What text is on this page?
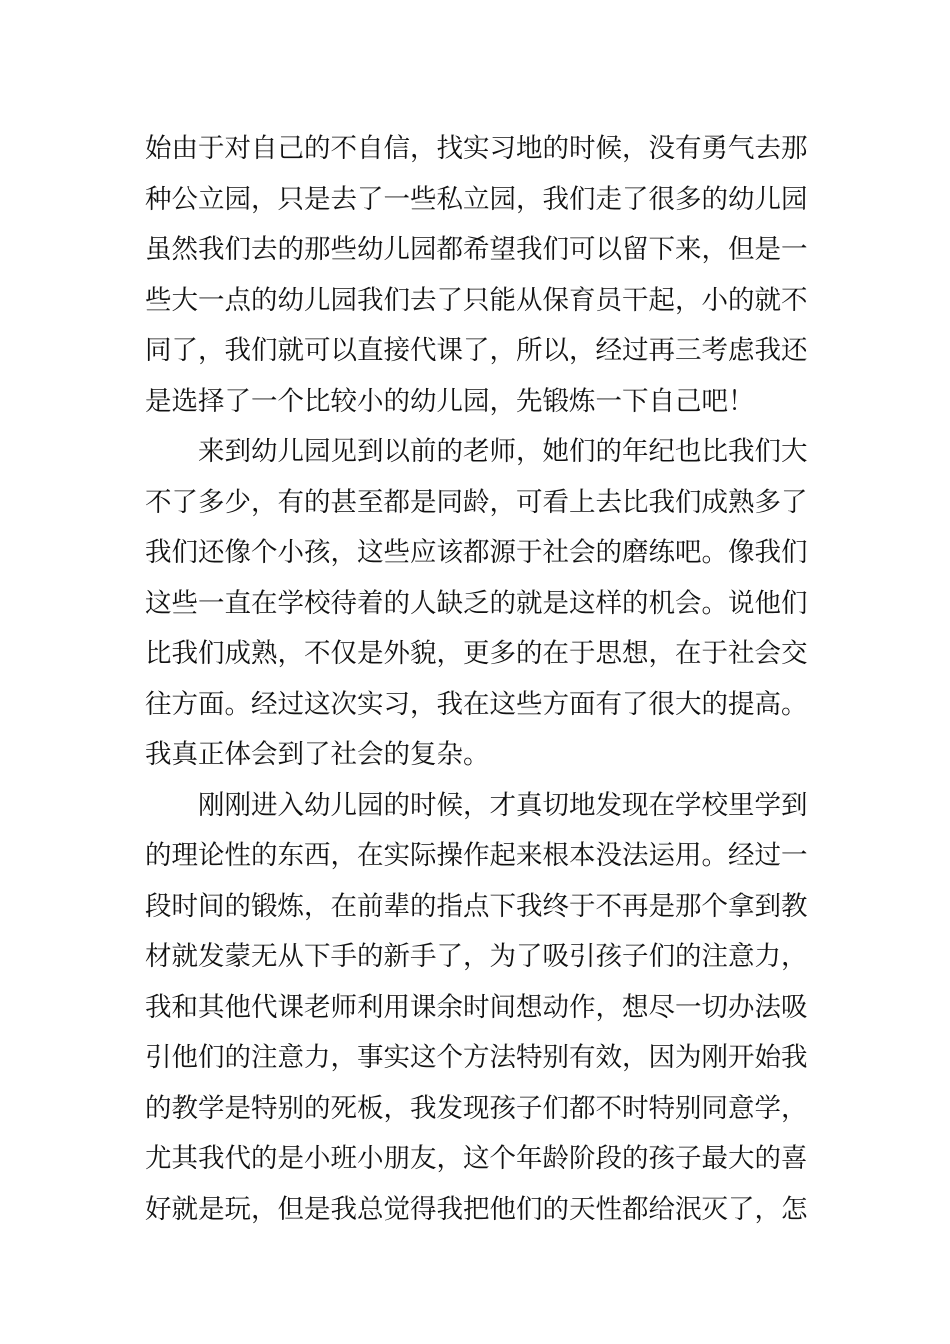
始由于对自己的不自信，找实习地的时候，没有勇气去那
种公立园，只是去了一些私立园，我们走了很多的幼儿园
虽然我们去的那些幼儿园都希望我们可以留下来，但是一
些大一点的幼儿园我们去了只能从保育员干起，小的就不
同了，我们就可以直接代课了，所以，经过再三考虑我还
是选择了一个比较小的幼儿园，先锻炼一下自己吧！
来到幼儿园见到以前的老师，她们的年纪也比我们大
不了多少，有的甚至都是同龄，可看上去比我们成熟多了
我们还像个小孩，这些应该都源于社会的磨练吧。像我们
这些一直在学校待着的人缺乏的就是这样的机会。说他们
比我们成熟，不仅是外貌，更多的在于思想，在于社会交
往方面。经过这次实习，我在这些方面有了很大的提高。
我真正体会到了社会的复杂。
刚刚进入幼儿园的时候，才真切地发现在学校里学到
的理论性的东西，在实际操作起来根本没法运用。经过一
段时间的锻炼，在前辈的指点下我终于不再是那个拿到教
材就发蒙无从下手的新手了，为了吸引孩子们的注意力，
我和其他代课老师利用课余时间想动作，想尽一切办法吸
引他们的注意力，事实这个方法特别有效，因为刚开始我
的教学是特别的死板，我发现孩子们都不时特别同意学，
尤其我代的是小班小朋友，这个年龄阶段的孩子最大的喜
好就是玩，但是我总觉得我把他们的天性都给泯灭了，怎
